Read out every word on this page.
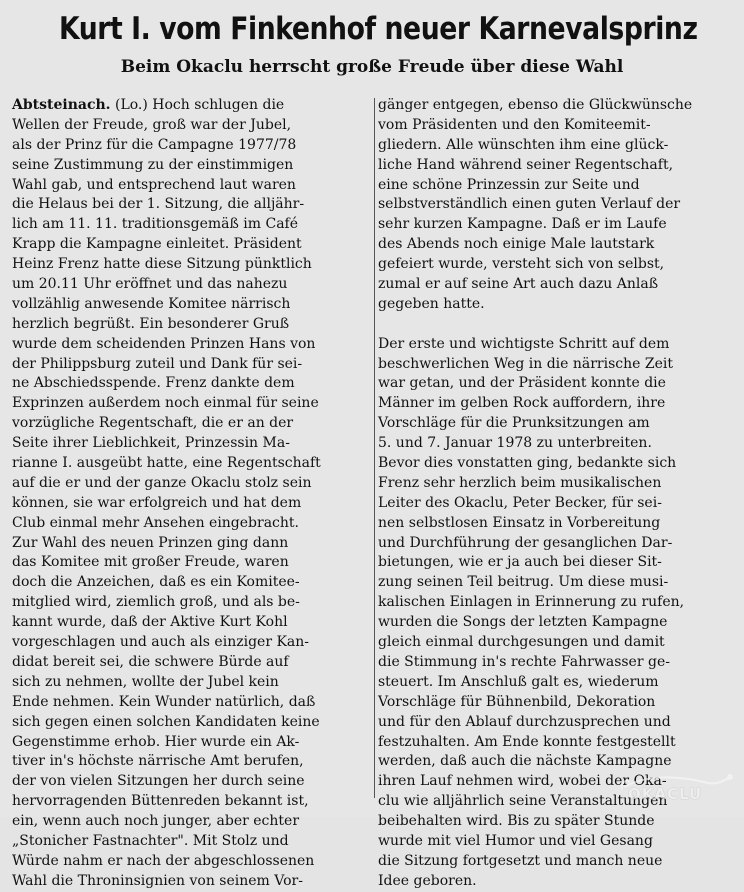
Kurt I. vom Finkenhof neuer Karnevalsprinz
Beim Okaclu herrscht große Freude über diese Wahl
Abtsteinach. (Lo.) Hoch schlugen die
Wellen der Freude, groß war der Jubel,
als der Prinz für die Campagne 1977/78
seine Zustimmung zu der einstimmigen
Wahl gab, und entsprechend laut waren
die Helaus bei der 1. Sitzung, die alljähr-
lich am 11. 11. traditionsgemäß im Café
Krapp die Kampagne einleitet. Präsident
Heinz Frenz hatte diese Sitzung pünktlich
um 20.11 Uhr eröffnet und das nahezu
vollzählig anwesende Komitee närrisch
herzlich begrüßt. Ein besonderer Gruß
wurde dem scheidenden Prinzen Hans von
der Philippsburg zuteil und Dank für sei-
ne Abschiedsspende. Frenz dankte dem
Exprinzen außerdem noch einmal für seine
vorzügliche Regentschaft, die er an der
Seite ihrer Lieblichkeit, Prinzessin Ma-
rianne I. ausgeübt hatte, eine Regentschaft
auf die er und der ganze Okaclu stolz sein
können, sie war erfolgreich und hat dem
Club einmal mehr Ansehen eingebracht.
Zur Wahl des neuen Prinzen ging dann
das Komitee mit großer Freude, waren
doch die Anzeichen, daß es ein Komitee-
mitglied wird, ziemlich groß, und als be-
kannt wurde, daß der Aktive Kurt Kohl
vorgeschlagen und auch als einziger Kan-
didat bereit sei, die schwere Bürde auf
sich zu nehmen, wollte der Jubel kein
Ende nehmen. Kein Wunder natürlich, daß
sich gegen einen solchen Kandidaten keine
Gegenstimme erhob. Hier wurde ein Ak-
tiver in's höchste närrische Amt berufen,
der von vielen Sitzungen her durch seine
hervorragenden Büttenreden bekannt ist,
ein, wenn auch noch junger, aber echter
„Stonicher Fastnachter". Mit Stolz und
Würde nahm er nach der abgeschlossenen
Wahl die Throninsignien von seinem Vor-
gänger entgegen, ebenso die Glückwünsche
vom Präsidenten und den Komiteemit-
gliedern. Alle wünschten ihm eine glück-
liche Hand während seiner Regentschaft,
eine schöne Prinzessin zur Seite und
selbstverständlich einen guten Verlauf der
sehr kurzen Kampagne. Daß er im Laufe
des Abends noch einige Male lautstark
gefeiert wurde, versteht sich von selbst,
zumal er auf seine Art auch dazu Anlaß
gegeben hatte.
Der erste und wichtigste Schritt auf dem
beschwerlichen Weg in die närrische Zeit
war getan, und der Präsident konnte die
Männer im gelben Rock auffordern, ihre
Vorschläge für die Prunksitzungen am
5. und 7. Januar 1978 zu unterbreiten.
Bevor dies vonstatten ging, bedankte sich
Frenz sehr herzlich beim musikalischen
Leiter des Okaclu, Peter Becker, für sei-
nen selbstlosen Einsatz in Vorbereitung
und Durchführung der gesanglichen Dar-
bietungen, wie er ja auch bei dieser Sit-
zung seinen Teil beitrug. Um diese musi-
kalischen Einlagen in Erinnerung zu rufen,
wurden die Songs der letzten Kampagne
gleich einmal durchgesungen und damit
die Stimmung in's rechte Fahrwasser ge-
steuert. Im Anschluß galt es, wiederum
Vorschläge für Bühnenbild, Dekoration
und für den Ablauf durchzusprechen und
festzuhalten. Am Ende konnte festgestellt
werden, daß auch die nächste Kampagne
ihren Lauf nehmen wird, wobei der Oka-
clu wie alljährlich seine Veranstaltungen
beibehalten wird. Bis zu später Stunde
wurde mit viel Humor und viel Gesang
die Sitzung fortgesetzt und manch neue
Idee geboren.
OKACLU
